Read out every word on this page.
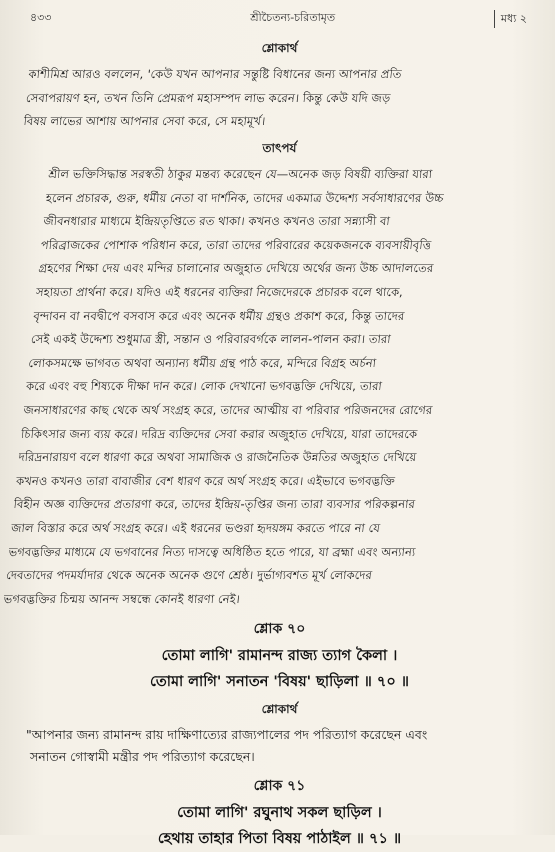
৪৩৩	শ্রীচৈতন্য-চরিতামৃত	মধ্য ২
শ্লোকার্থ

কাশীমিশ্র আরও বললেন, 'কেউ যখন আপনার সন্তুষ্টি বিধানের জন্য আপনার প্রতি

সেবাপরায়ণ হন, তখন তিনি প্রেমরূপ মহাসম্পদ লাভ করেন। কিন্তু কেউ যদি জড়

বিষয় লাভের আশায় আপনার সেবা করে, সে মহামূর্খ।

তাৎপর্য

শ্রীল ভক্তিসিদ্ধান্ত সরস্বতী ঠাকুর মন্তব্য করেছেন যে—অনেক জড় বিষয়ী ব্যক্তিরা যারা

হলেন প্রচারক, গুরু, ধর্মীয় নেতা বা দার্শনিক, তাদের একমাত্র উদ্দেশ্য সর্বসাধারণের উচ্চ

জীবনধারার মাধ্যমে ইন্দ্রিয়তৃপ্তিতে রত থাকা। কখনও কখনও তারা সন্ন্যাসী বা

পরিব্রাজকের পোশাক পরিধান করে, তারা তাদের পরিবারের কয়েকজনকে ব্যবসায়ীবৃত্তি

গ্রহণের শিক্ষা দেয় এবং মন্দির চালানোর অজুহাত দেখিয়ে অর্থের জন্য উচ্চ আদালতের

সহায়তা প্রার্থনা করে। যদিও এই ধরনের ব্যক্তিরা নিজেদেরকে প্রচারক বলে থাকে,

বৃন্দাবন বা নবদ্বীপে বসবাস করে এবং অনেক ধর্মীয় গ্রন্থও প্রকাশ করে, কিন্তু তাদের

সেই একই উদ্দেশ্য শুধুমাত্র স্ত্রী, সন্তান ও পরিবারবর্গকে লালন-পালন করা। তারা

লোকসমক্ষে ভাগবত অথবা অন্যান্য ধর্মীয় গ্রন্থ পাঠ করে, মন্দিরে বিগ্রহ অর্চনা

করে এবং বহু শিষ্যকে দীক্ষা দান করে। লোক দেখানো ভগবদ্ভক্তি দেখিয়ে, তারা

জনসাধারণের কাছ থেকে অর্থ সংগ্রহ করে, তাদের আত্মীয় বা পরিবার পরিজনদের রোগের

চিকিৎসার জন্য ব্যয় করে। দরিদ্র ব্যক্তিদের সেবা করার অজুহাত দেখিয়ে, যারা তাদেরকে

দরিদ্রনারায়ণ বলে ধারণা করে অথবা সামাজিক ও রাজনৈতিক উন্নতির অজুহাত দেখিয়ে

কখনও কখনও তারা বাবাজীর বেশ ধারণ করে অর্থ সংগ্রহ করে। এইভাবে ভগবদ্ভক্তি

বিহীন অজ্ঞ ব্যক্তিদের প্রতারণা করে, তাদের ইন্দ্রিয়-তৃপ্তির জন্য তারা ব্যবসার পরিকল্পনার

জাল বিস্তার করে অর্থ সংগ্রহ করে। এই ধরনের ভণ্ডরা হৃদয়ঙ্গম করতে পারে না যে

ভগবদ্ভক্তির মাধ্যমে যে ভগবানের নিত্য দাসত্বে অধিষ্ঠিত হতে পারে, যা ব্রহ্মা এবং অন্যান্য

দেবতাদের পদমর্যাদার থেকে অনেক অনেক গুণে শ্রেষ্ঠ। দুর্ভাগ্যবশত মূর্খ লোকদের

ভগবদ্ভক্তির চিন্ময় আনন্দ সম্বন্ধে কোনই ধারণা নেই।

শ্লোক ৭০

তোমা লাগি' রামানন্দ রাজ্য ত্যাগ কৈলা ।

তোমা লাগি' সনাতন 'বিষয়' ছাড়িলা ॥ ৭০ ॥

শ্লোকার্থ

"আপনার জন্য রামানন্দ রায় দাক্ষিণাত্যের রাজ্যপালের পদ পরিত্যাগ করেছেন এবং

সনাতন গোস্বামী মন্ত্রীর পদ পরিত্যাগ করেছেন।

শ্লোক ৭১

তোমা লাগি' রঘুনাথ সকল ছাড়িল ।

হেথায় তাহার পিতা বিষয় পাঠাইল ॥ ৭১ ॥
